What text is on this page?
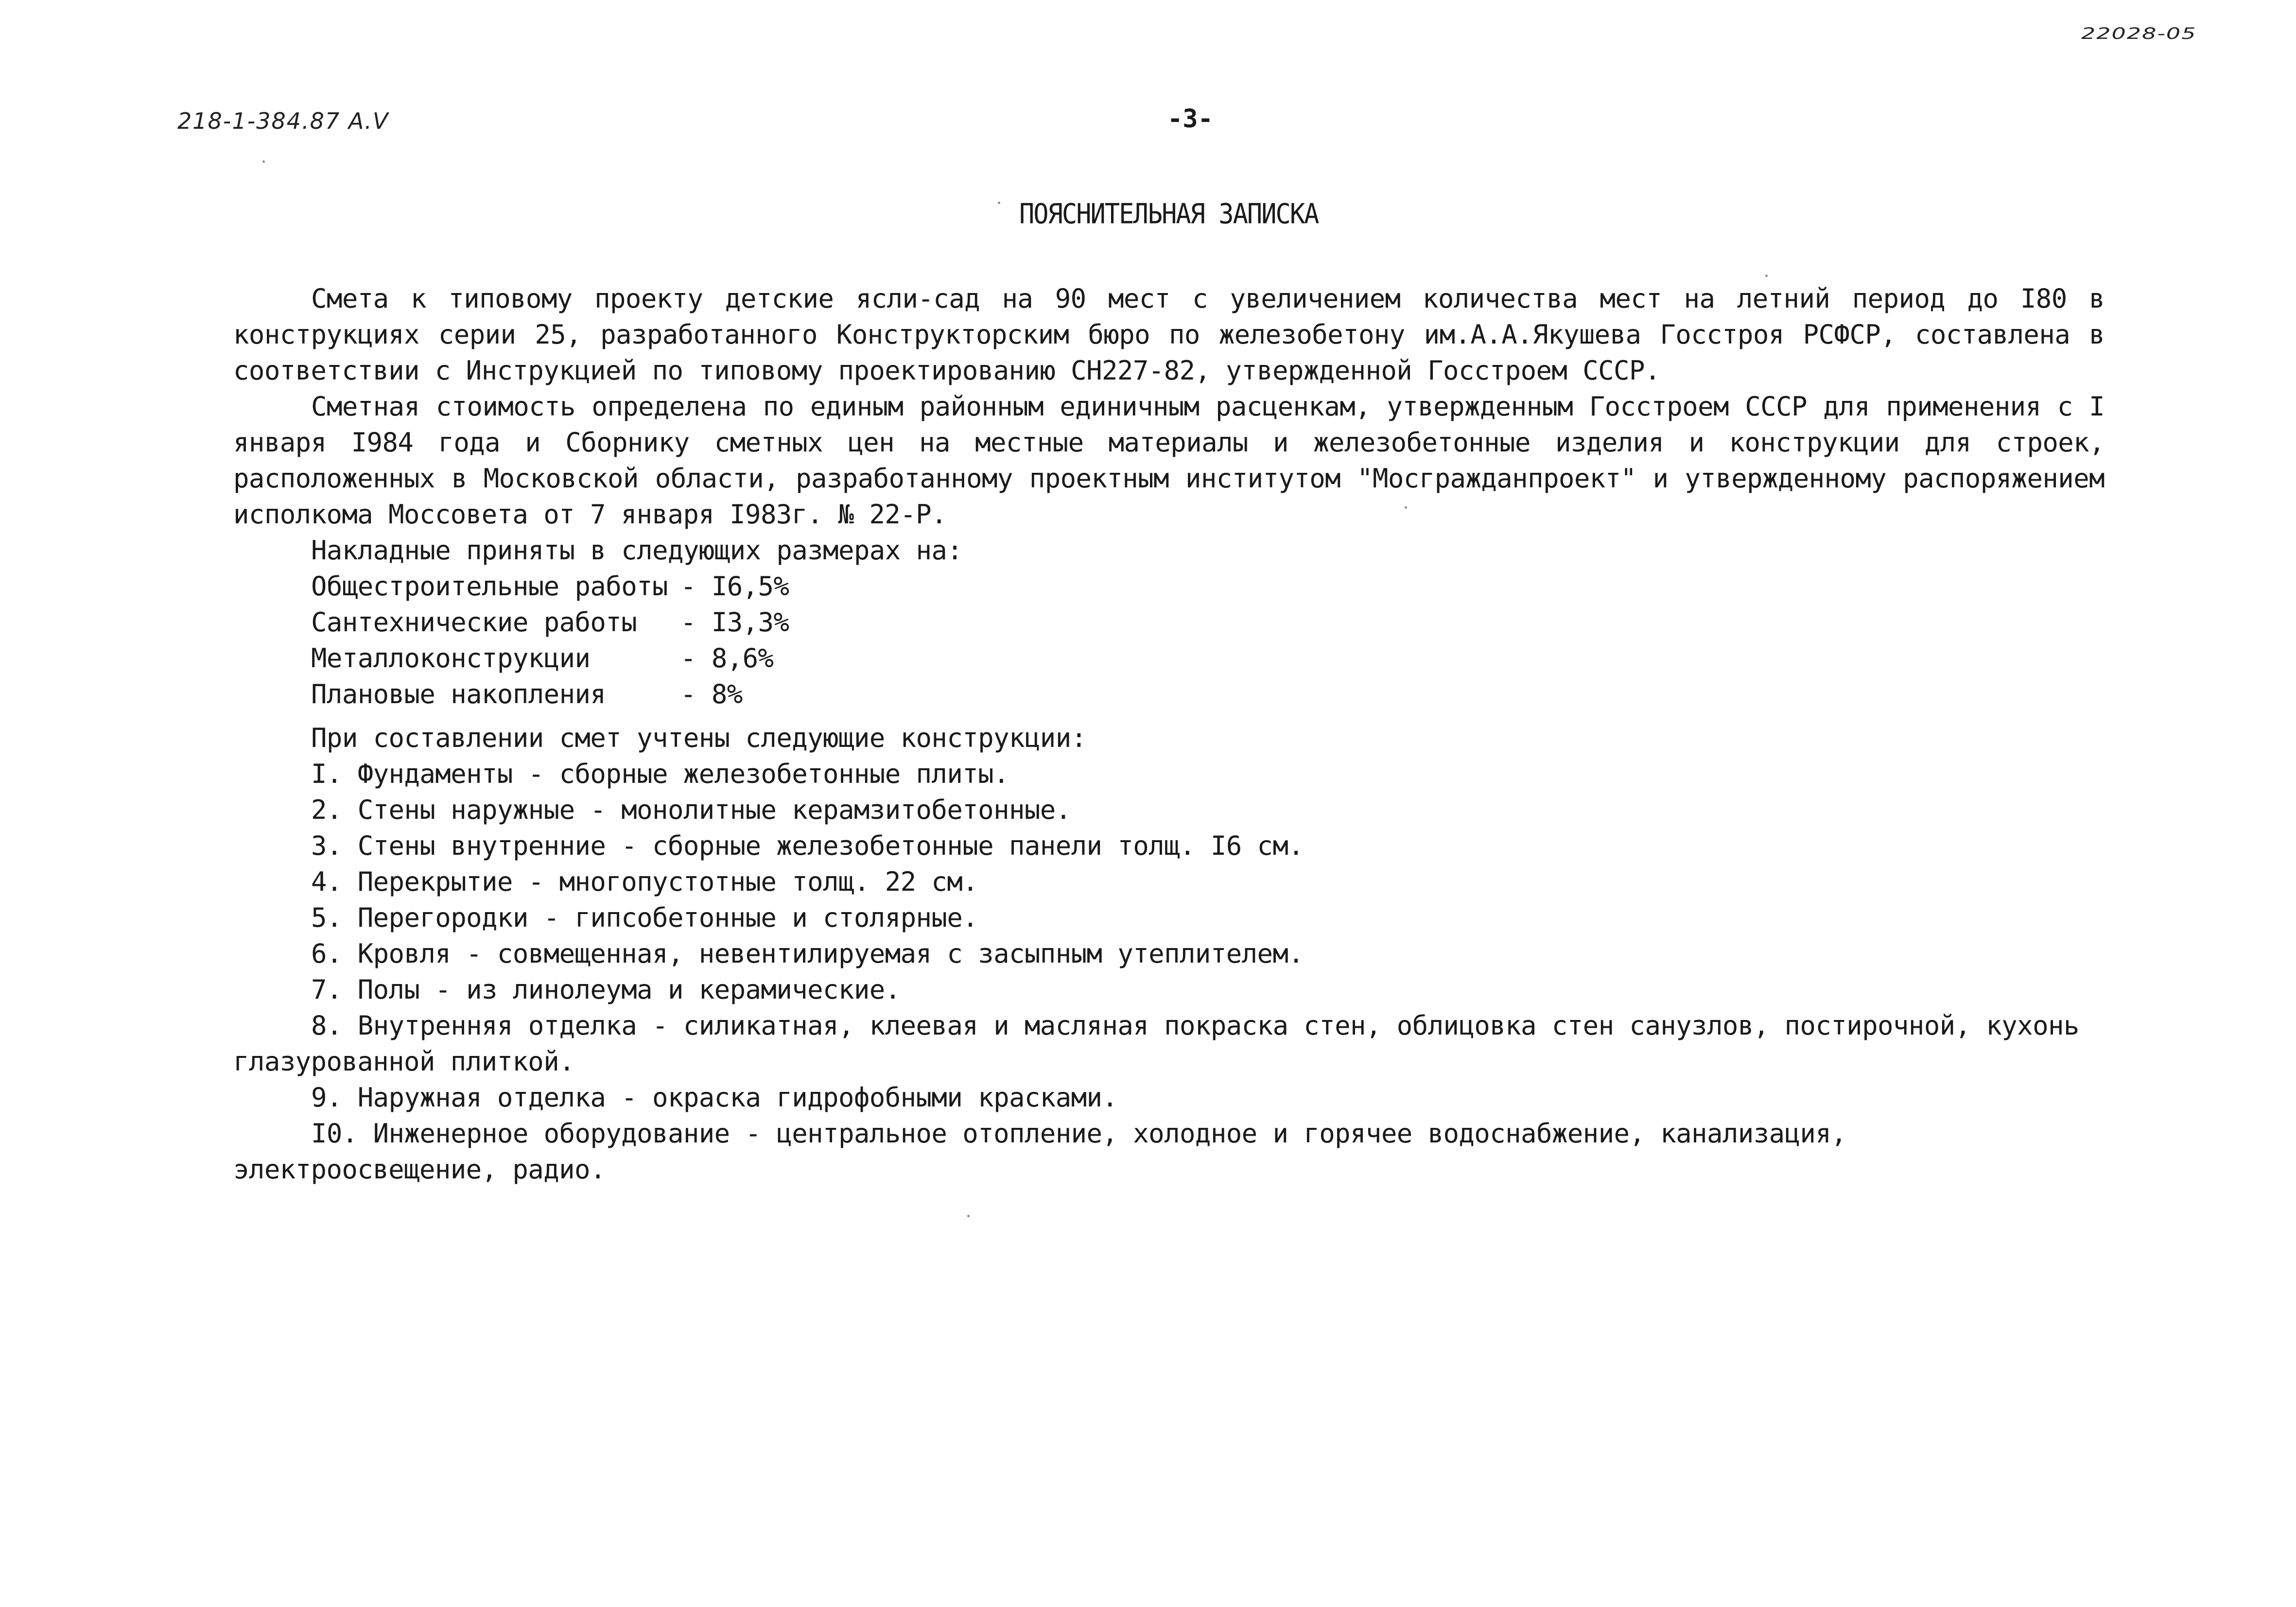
218-1-384.87 А.V	-3-
22028-05
ПОЯСНИТЕЛЬНАЯ ЗАПИСКА

Смета к типовому проекту детские ясли-сад на 90 мест с увеличением количества мест на летний период до I80 в конструкциях серии 25, разработанного Конструкторским бюро по железобетону им.А.А.Якушева Госстроя РСФСР, составлена в соответствии с Инструкцией по типовому проектированию СН227-82, утвержденной Госстроем СССР.

Сметная стоимость определена по единым районным единичным расценкам, утвержденным Госстроем СССР для применения с I января I984 года и Сборнику сметных цен на местные материалы и железобетонные изделия и конструкции для строек, расположенных в Московской области, разработанному проектным институтом "Мосгражданпроект" и утвержденному распоряжением исполкома Моссовета от 7 января I983г. № 22-Р.

Накладные приняты в следующих размерах на:

Общестроительные работы - I6,5%
Сантехнические работы	- I3,3%
Металлоконструкции	- 8,6%
Плановые накопления	- 8%

При составлении смет учтены следующие конструкции:

I. Фундаменты - сборные железобетонные плиты.
2. Стены наружные - монолитные керамзитобетонные.
3. Стены внутренние - сборные железобетонные панели толщ. I6 см.
4. Перекрытие - многопустотные толщ. 22 см.
5. Перегородки - гипсобетонные и столярные.
6. Кровля - совмещенная, невентилируемая с засыпным утеплителем.
7. Полы - из линолеума и керамические.
8. Внутренняя отделка - силикатная, клеевая и масляная покраска стен, облицовка стен санузлов, постирочной, кухонь глазурованной плиткой.
9. Наружная отделка - окраска гидрофобными красками.
I0. Инженерное оборудование - центральное отопление, холодное и горячее водоснабжение, канализация, электроосвещение, радио.
